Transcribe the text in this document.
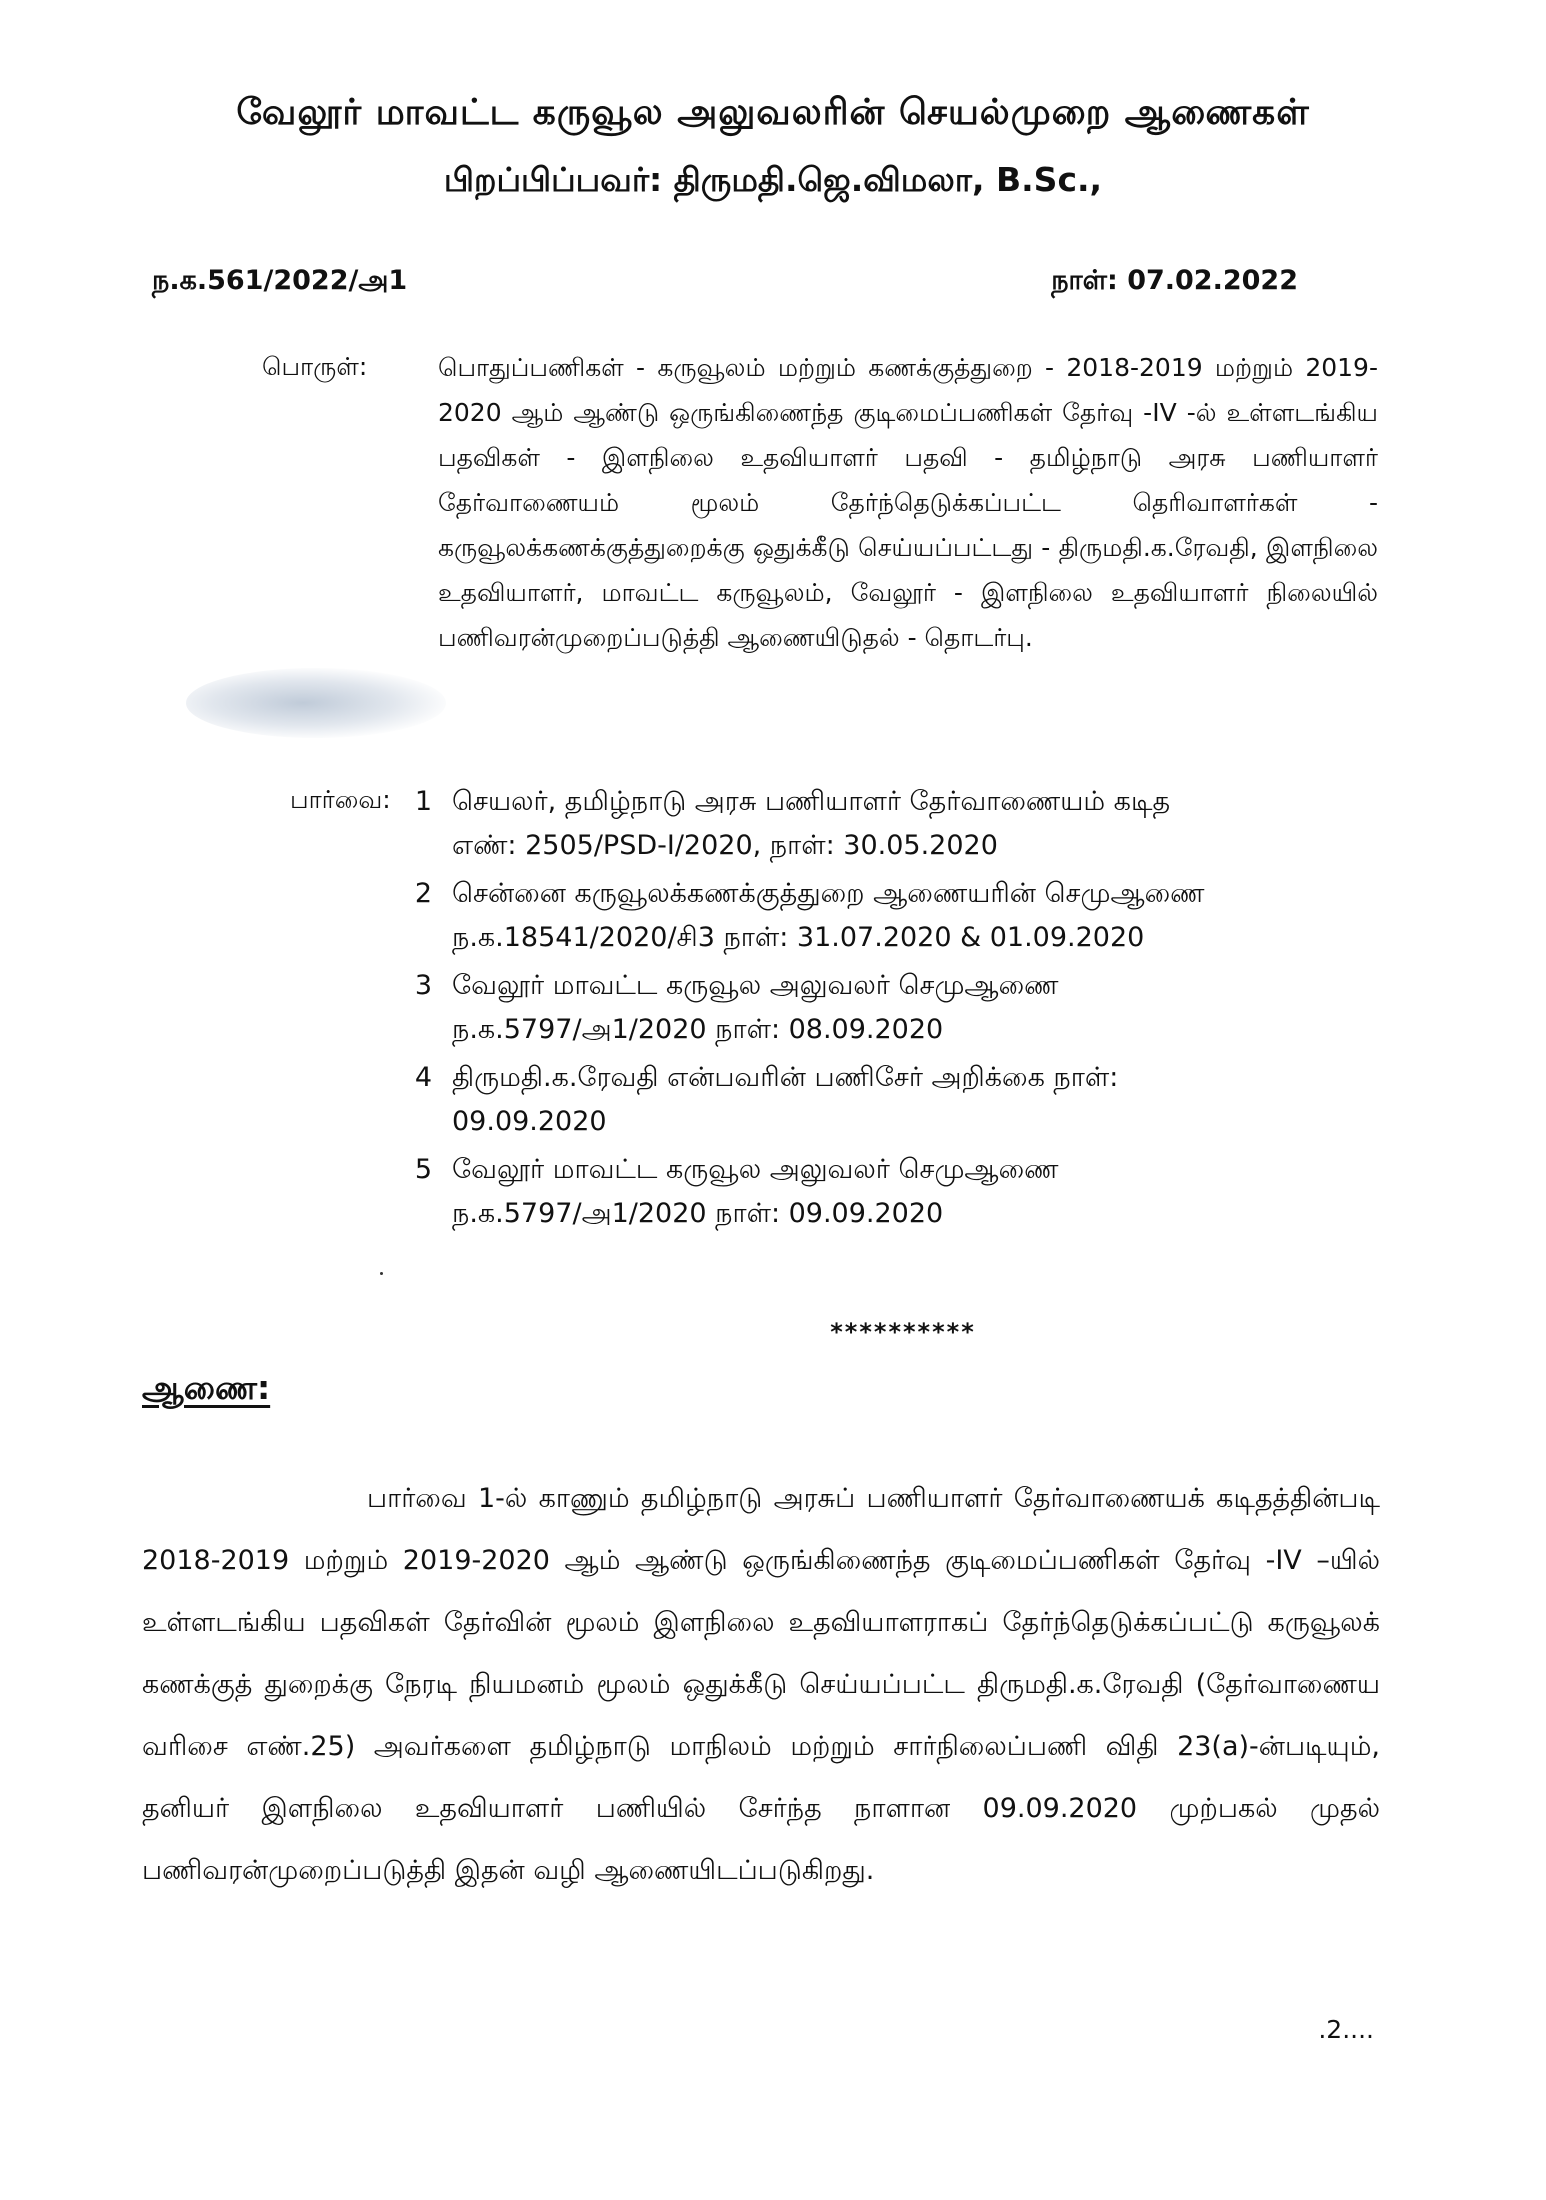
வேலூர் மாவட்ட கருவூல அலுவலரின் செயல்முறை ஆணைகள்
பிறப்பிப்பவர்: திருமதி.ஜெ.விமலா, B.Sc.,
ந.க.561/2022/அ1	நாள்: 07.02.2022
பொருள்:	பொதுப்பணிகள் - கருவூலம் மற்றும் கணக்குத்துறை - 2018-2019 மற்றும் 2019-2020 ஆம் ஆண்டு ஒருங்கிணைந்த குடிமைப்பணிகள் தேர்வு -IV -ல் உள்ளடங்கிய பதவிகள் - இளநிலை உதவியாளர் பதவி - தமிழ்நாடு அரசு பணியாளர் தேர்வாணையம் மூலம் தேர்ந்தெடுக்கப்பட்ட தெரிவாளர்கள் - கருவூலக்கணக்குத்துறைக்கு ஒதுக்கீடு செய்யப்பட்டது - திருமதி.க.ரேவதி, இளநிலை உதவியாளர், மாவட்ட கருவூலம், வேலூர் - இளநிலை உதவியாளர் நிலையில் பணிவரன்முறைப்படுத்தி ஆணையிடுதல் - தொடர்பு.
பார்வை: 1 செயலர், தமிழ்நாடு அரசு பணியாளர் தேர்வாணையம் கடித
எண்: 2505/PSD-I/2020, நாள்: 30.05.2020
2 சென்னை கருவூலக்கணக்குத்துறை ஆணையரின் செமுஆணை
ந.க.18541/2020/சி3 நாள்: 31.07.2020 & 01.09.2020
3 வேலூர் மாவட்ட கருவூல அலுவலர் செமுஆணை
ந.க.5797/அ1/2020 நாள்: 08.09.2020
4 திருமதி.க.ரேவதி என்பவரின் பணிசேர் அறிக்கை நாள்:
09.09.2020
5 வேலூர் மாவட்ட கருவூல அலுவலர் செமுஆணை
ந.க.5797/அ1/2020 நாள்: 09.09.2020
**********
ஆணை:
பார்வை 1-ல் காணும் தமிழ்நாடு அரசுப் பணியாளர் தேர்வாணையக் கடிதத்தின்படி 2018-2019 மற்றும் 2019-2020 ஆம் ஆண்டு ஒருங்கிணைந்த குடிமைப்பணிகள் தேர்வு -IV –யில் உள்ளடங்கிய பதவிகள் தேர்வின் மூலம் இளநிலை உதவியாளராகப் தேர்ந்தெடுக்கப்பட்டு கருவூலக் கணக்குத் துறைக்கு நேரடி நியமனம் மூலம் ஒதுக்கீடு செய்யப்பட்ட திருமதி.க.ரேவதி (தேர்வாணைய வரிசை எண்.25) அவர்களை தமிழ்நாடு மாநிலம் மற்றும் சார்நிலைப்பணி விதி 23(a)-ன்படியும், தனியர் இளநிலை உதவியாளர் பணியில் சேர்ந்த நாளான 09.09.2020 முற்பகல் முதல் பணிவரன்முறைப்படுத்தி இதன் வழி ஆணையிடப்படுகிறது.
.2....
